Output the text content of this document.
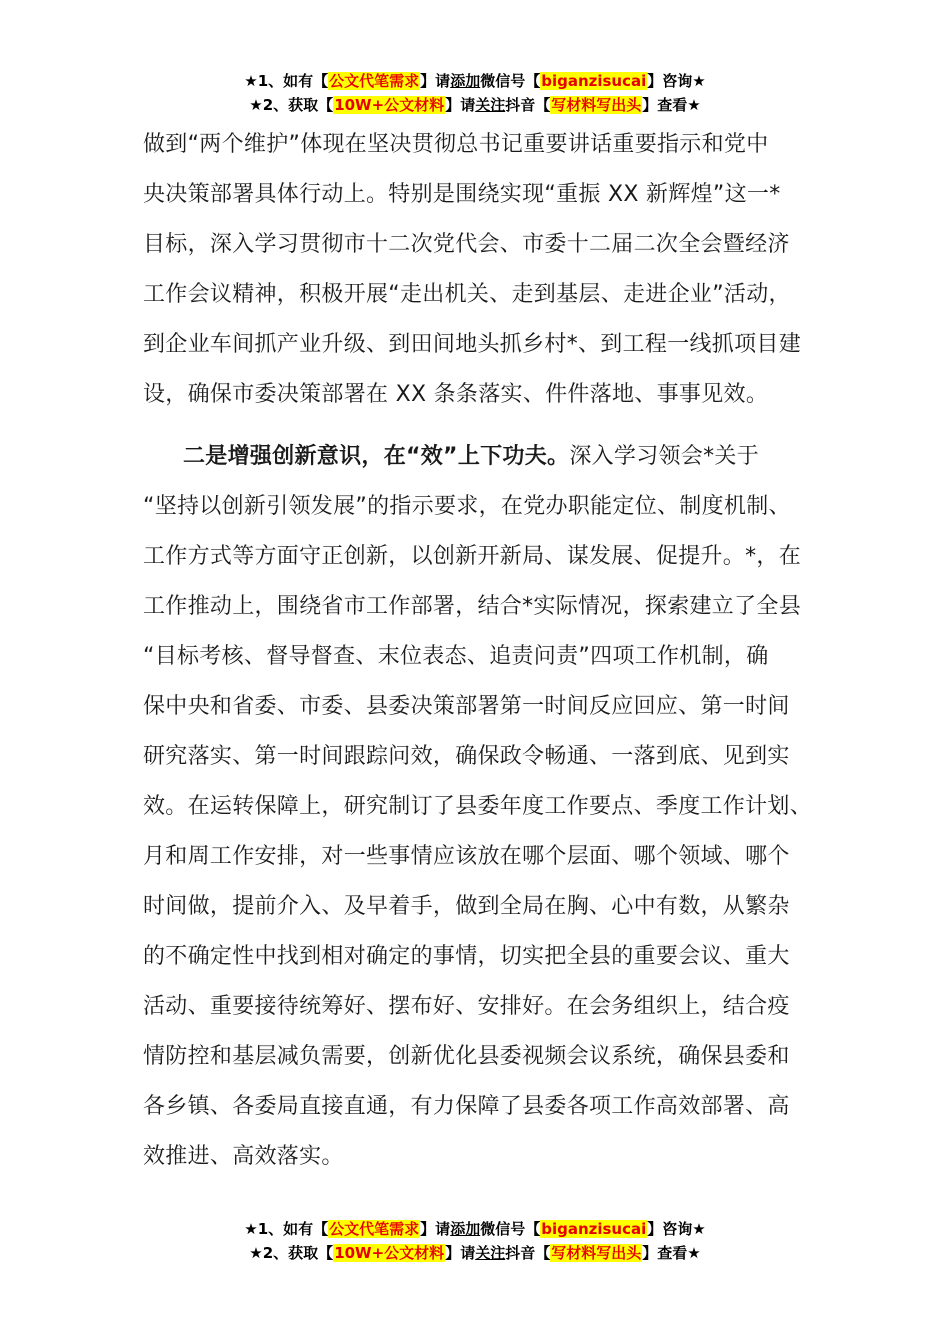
★1、如有【公文代笔需求】请添加微信号【biganzisucai】咨询★
★2、获取【10W+公文材料】请关注抖音【写材料写出头】查看★
做到“两个维护”体现在坚决贯彻总书记重要讲话重要指示和党中
央决策部署具体行动上。特别是围绕实现“重振 XX 新辉煌”这一*
目标，深入学习贯彻市十二次党代会、市委十二届二次全会暨经济
工作会议精神，积极开展“走出机关、走到基层、走进企业”活动，
到企业车间抓产业升级、到田间地头抓乡村*、到工程一线抓项目建
设，确保市委决策部署在 XX 条条落实、件件落地、事事见效。
二是增强创新意识，在“效”上下功夫。深入学习领会*关于
“坚持以创新引领发展”的指示要求，在党办职能定位、制度机制、
工作方式等方面守正创新，以创新开新局、谋发展、促提升。*，在
工作推动上，围绕省市工作部署，结合*实际情况，探索建立了全县
“目标考核、督导督查、末位表态、追责问责”四项工作机制，确
保中央和省委、市委、县委决策部署第一时间反应回应、第一时间
研究落实、第一时间跟踪问效，确保政令畅通、一落到底、见到实
效。在运转保障上，研究制订了县委年度工作要点、季度工作计划、
月和周工作安排，对一些事情应该放在哪个层面、哪个领域、哪个
时间做，提前介入、及早着手，做到全局在胸、心中有数，从繁杂
的不确定性中找到相对确定的事情，切实把全县的重要会议、重大
活动、重要接待统筹好、摆布好、安排好。在会务组织上，结合疫
情防控和基层减负需要，创新优化县委视频会议系统，确保县委和
各乡镇、各委局直接直通，有力保障了县委各项工作高效部署、高
效推进、高效落实。
★1、如有【公文代笔需求】请添加微信号【biganzisucai】咨询★
★2、获取【10W+公文材料】请关注抖音【写材料写出头】查看★
